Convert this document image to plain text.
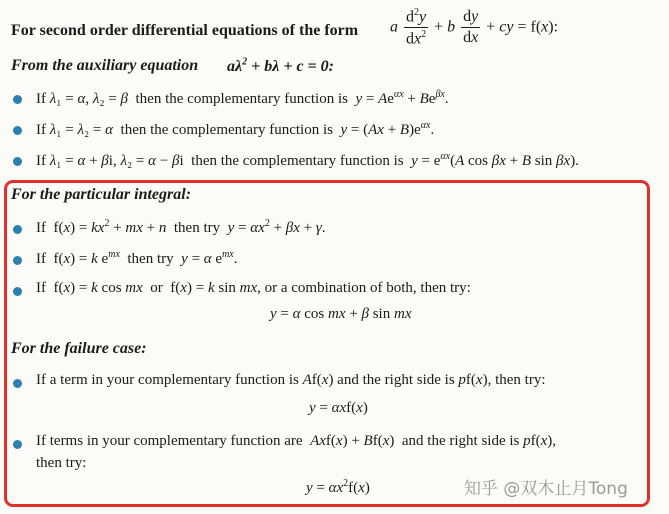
For second order differential equations of the form a $\frac{d^2y}{dx^2} + b \frac{dy}{dx}$ + cy = f(x):
From the auxiliary equation $a\lambda^2 + b\lambda + c = 0$:
If λ₁ = α, λ₂ = β  then the complementary function is  $y = Ae^{\alpha x} + Be^{\beta x}$.
If λ₁ = λ₂ = α  then the complementary function is  $y = (Ax + B)e^{\alpha x}$.
If λ₁ = α + βi, λ₂ = α − βi  then the complementary function is  $y = e^{\alpha x}(A$ cos βx + B sin βx).
For the particular integral:
If  $f(x) = kx^2$ + mx + n  then try  $y = \alpha x^2 + \beta x + \gamma$.
If  f(x) = k $e^{mx}$  then try  y = α $e^{mx}$.
If  f(x) = k cos mx  or  f(x) = k sin mx, or a combination of both, then try:
y = α cos mx + β sin mx
For the failure case:
If a term in your complementary function is Af(x) and the right side is pf(x), then try:
y = αxf(x)
If terms in your complementary function are  Axf(x) + Bf(x)  and the right side is pf(x),
then try:
$y = \alpha x^2f(x)$	知乎 @双木止月Tong
